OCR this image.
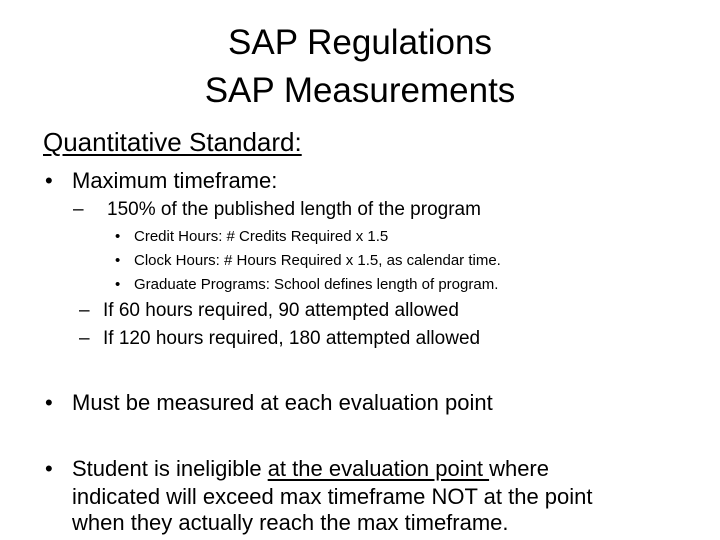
SAP Regulations
SAP Measurements
Quantitative Standard:
• Maximum timeframe:
– 150% of the published length of the program
• Credit Hours: # Credits Required x 1.5
• Clock Hours: # Hours Required x 1.5, as calendar time.
• Graduate Programs: School defines length of program.
– If 60 hours required, 90 attempted allowed
– If 120 hours required, 180 attempted allowed
• Must be measured at each evaluation point
• Student is ineligible at the evaluation point where
indicated will exceed max timeframe NOT at the point
when they actually reach the max timeframe.
